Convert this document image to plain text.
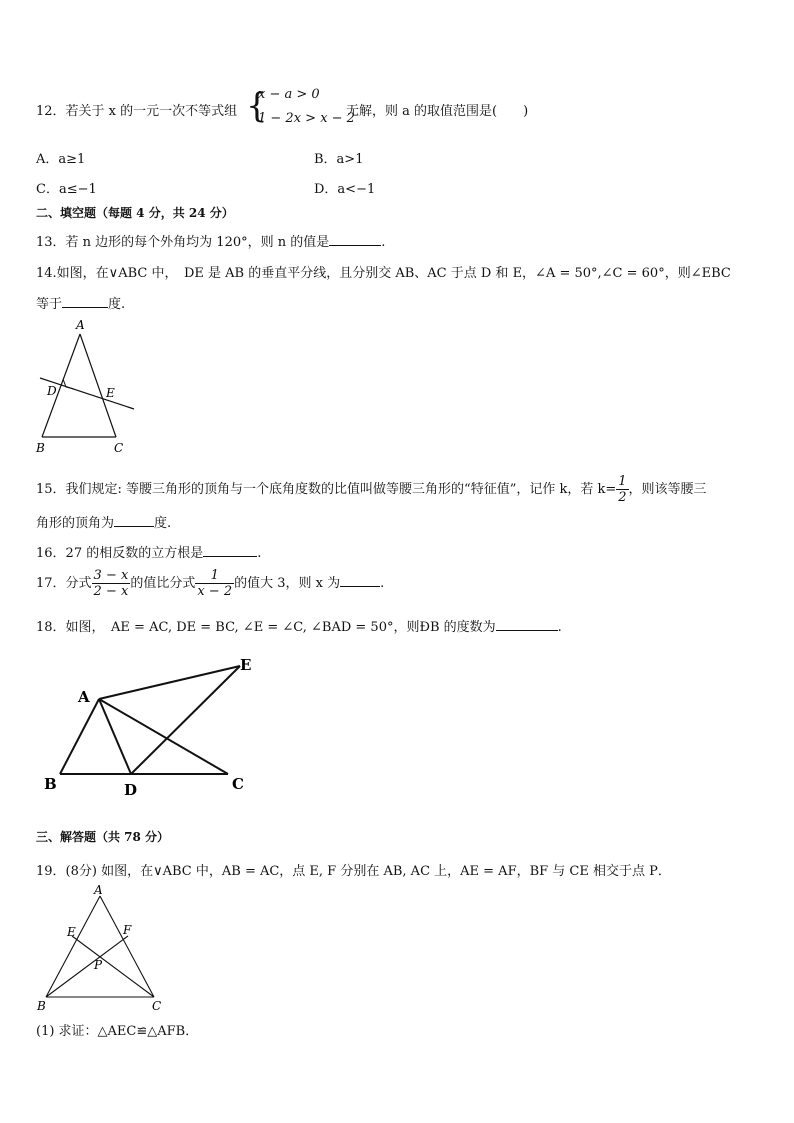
12．若关于 x 的一元一次不等式组 {
x − a > 0
1 − 2x > x − 2
无解，则 a 的取值范围是(　　)
A．a≥1	B．a>1
C．a≤−1	D．a<−1
二、填空题（每题 4 分，共 24 分）
13．若 n 边形的每个外角均为 120°，则 n 的值是	.
14.如图，在∨ABC 中，　DE 是 AB 的垂直平分线，且分别交 AB、AC 于点 D 和 E，∠A = 50°,∠C = 60°，则∠EBC
等于	度.
A
B	C
D	E
15．我们规定: 等腰三角形的顶角与一个底角度数的比值叫做等腰三角形的“特征值”，记作 k，若 $k= \frac{1}{2}$ ，则该等腰三
角形的顶角为	度.
16．27 的相反数的立方根是	.
17．分式 $\frac{3 - x}{2 - x}$ 的值比分式 $\frac{1}{x - 2}$ 的值大 3，则 x 为	.
18．如图，　AE = AC, DE = BC, ∠E = ∠C, ∠BAD = 50°，则ÐB 的度数为	.
A
B	C
D
E
三、解答题（共 78 分）
19．(8分) 如图，在∨ABC 中，AB = AC，点 E, F 分别在 AB, AC 上，AE = AF，BF 与 CE 相交于点 P．
A
B	C
E	F
P
(1) 求证：△AEC≌△AFB．
